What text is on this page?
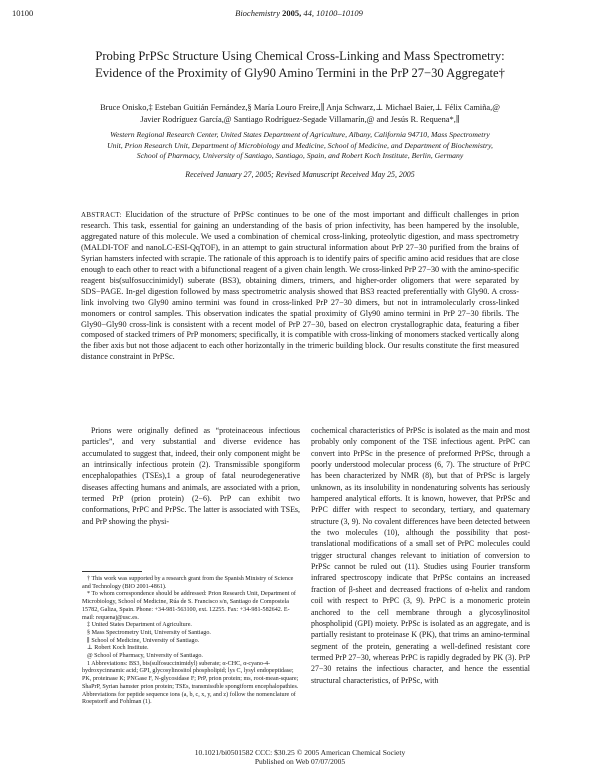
10100	Biochemistry 2005, 44, 10100–10109
Probing PrPSc Structure Using Chemical Cross-Linking and Mass Spectrometry:
Evidence of the Proximity of Gly90 Amino Termini in the PrP 27−30 Aggregate†
Bruce Onisko,‡ Esteban Guitián Fernández,§ María Louro Freire,∥ Anja Schwarz,⊥ Michael Baier,⊥ Félix Camiña,@
Javier Rodríguez García,@ Santiago Rodríguez-Segade Villamarín,@ and Jesús R. Requena*,∥
Western Regional Research Center, United States Department of Agriculture, Albany, California 94710, Mass Spectrometry
Unit, Prion Research Unit, Department of Microbiology and Medicine, School of Medicine, and Department of Biochemistry,
School of Pharmacy, University of Santiago, Santiago, Spain, and Robert Koch Institute, Berlin, Germany
Received January 27, 2005; Revised Manuscript Received May 25, 2005
ABSTRACT: Elucidation of the structure of PrPSc continues to be one of the most important and difficult challenges in prion research. This task, essential for gaining an understanding of the basis of prion infectivity, has been hampered by the insoluble, aggregated nature of this molecule. We used a combination of chemical cross-linking, proteolytic digestion, and mass spectrometry (MALDI-TOF and nanoLC-ESI-QqTOF), in an attempt to gain structural information about PrP 27−30 purified from the brains of Syrian hamsters infected with scrapie. The rationale of this approach is to identify pairs of specific amino acid residues that are close enough to each other to react with a bifunctional reagent of a given chain length. We cross-linked PrP 27−30 with the amino-specific reagent bis(sulfosuccinimidyl) suberate (BS3), obtaining dimers, trimers, and higher-order oligomers that were separated by SDS−PAGE. In-gel digestion followed by mass spectrometric analysis showed that BS3 reacted preferentially with Gly90. A cross-link involving two Gly90 amino termini was found in cross-linked PrP 27−30 dimers, but not in intramolecularly cross-linked monomers or control samples. This observation indicates the spatial proximity of Gly90 amino termini in PrP 27−30 fibrils. The Gly90−Gly90 cross-link is consistent with a recent model of PrP 27−30, based on electron crystallographic data, featuring a fiber composed of stacked trimers of PrP monomers; specifically, it is compatible with cross-linking of monomers stacked vertically along the fiber axis but not those adjacent to each other horizontally in the trimeric building block. Our results constitute the first measured distance constraint in PrPSc.

Prions were originally defined as “proteinaceous infectious particles”, and very substantial and diverse evidence has accumulated to suggest that, indeed, their only component might be an intrinsically infectious protein (2). Transmissible spongiform encephalopathies (TSEs),1 a group of fatal neurodegenerative diseases affecting humans and animals, are associated with a prion, termed PrP (prion protein) (2−6). PrP can exhibit two conformations, PrPC and PrPSc. The latter is associated with TSEs, and PrP showing the physi-

† This work was supported by a research grant from the Spanish Ministry of Science and Technology (BIO 2001-4861).
* To whom correspondence should be addressed: Prion Research Unit, Department of Microbiology, School of Medicine, Rúa de S. Francisco s/n, Santiago de Compostela 15782, Galiza, Spain. Phone: +34-981-563100, ext. 12255. Fax: +34-981-582642. E-mail: requenaj@usc.es.
‡ United States Department of Agriculture.
§ Mass Spectrometry Unit, University of Santiago.
∥ School of Medicine, University of Santiago.
⊥ Robert Koch Institute.
@ School of Pharmacy, University of Santiago.
1 Abbreviations: BS3, bis(sulfosuccinimidyl) suberate; α-CHC, α-cyano-4-hydroxycinnamic acid; GPI, glycosylinositol phospholipid; lys C, lysyl endopeptidase; PK, proteinase K; PNGase F, N-glycosidase F; PrP, prion protein; ms, root-mean-square; ShaPrP, Syrian hamster prion protein; TSEs, transmissible spongiform encephalopathies. Abbreviations for peptide sequence ions (a, b, c, x, y, and z) follow the nomenclature of Roepstorff and Fohlman (1).

cochemical characteristics of PrPSc is isolated as the main and most probably only component of the TSE infectious agent. PrPC can convert into PrPSc in the presence of preformed PrPSc, through a poorly understood molecular process (6, 7). The structure of PrPC has been characterized by NMR (8), but that of PrPSc is largely unknown, as its insolubility in nondenaturing solvents has seriously hampered analytical efforts. It is known, however, that PrPSc and PrPC differ with respect to secondary, tertiary, and quaternary structure (3, 9). No covalent differences have been detected between the two molecules (10), although the possibility that post-translational modifications of a small set of PrPC molecules could trigger structural changes relevant to initiation of conversion to PrPSc cannot be ruled out (11). Studies using Fourier transform infrared spectroscopy indicate that PrPSc contains an increased fraction of β-sheet and decreased fractions of α-helix and random coil with respect to PrPC (3, 9). PrPC is a monomeric protein anchored to the cell membrane through a glycosylinositol phospholipid (GPI) moiety. PrPSc is isolated as an aggregate, and is partially resistant to proteinase K (PK), that trims an amino-terminal segment of the protein, generating a well-defined resistant core termed PrP 27−30, whereas PrPC is rapidly degraded by PK (3). PrP 27−30 retains the infectious character, and hence the essential structural characteristics, of PrPSc, with

10.1021/bi0501582 CCC: $30.25 © 2005 American Chemical Society
Published on Web 07/07/2005
